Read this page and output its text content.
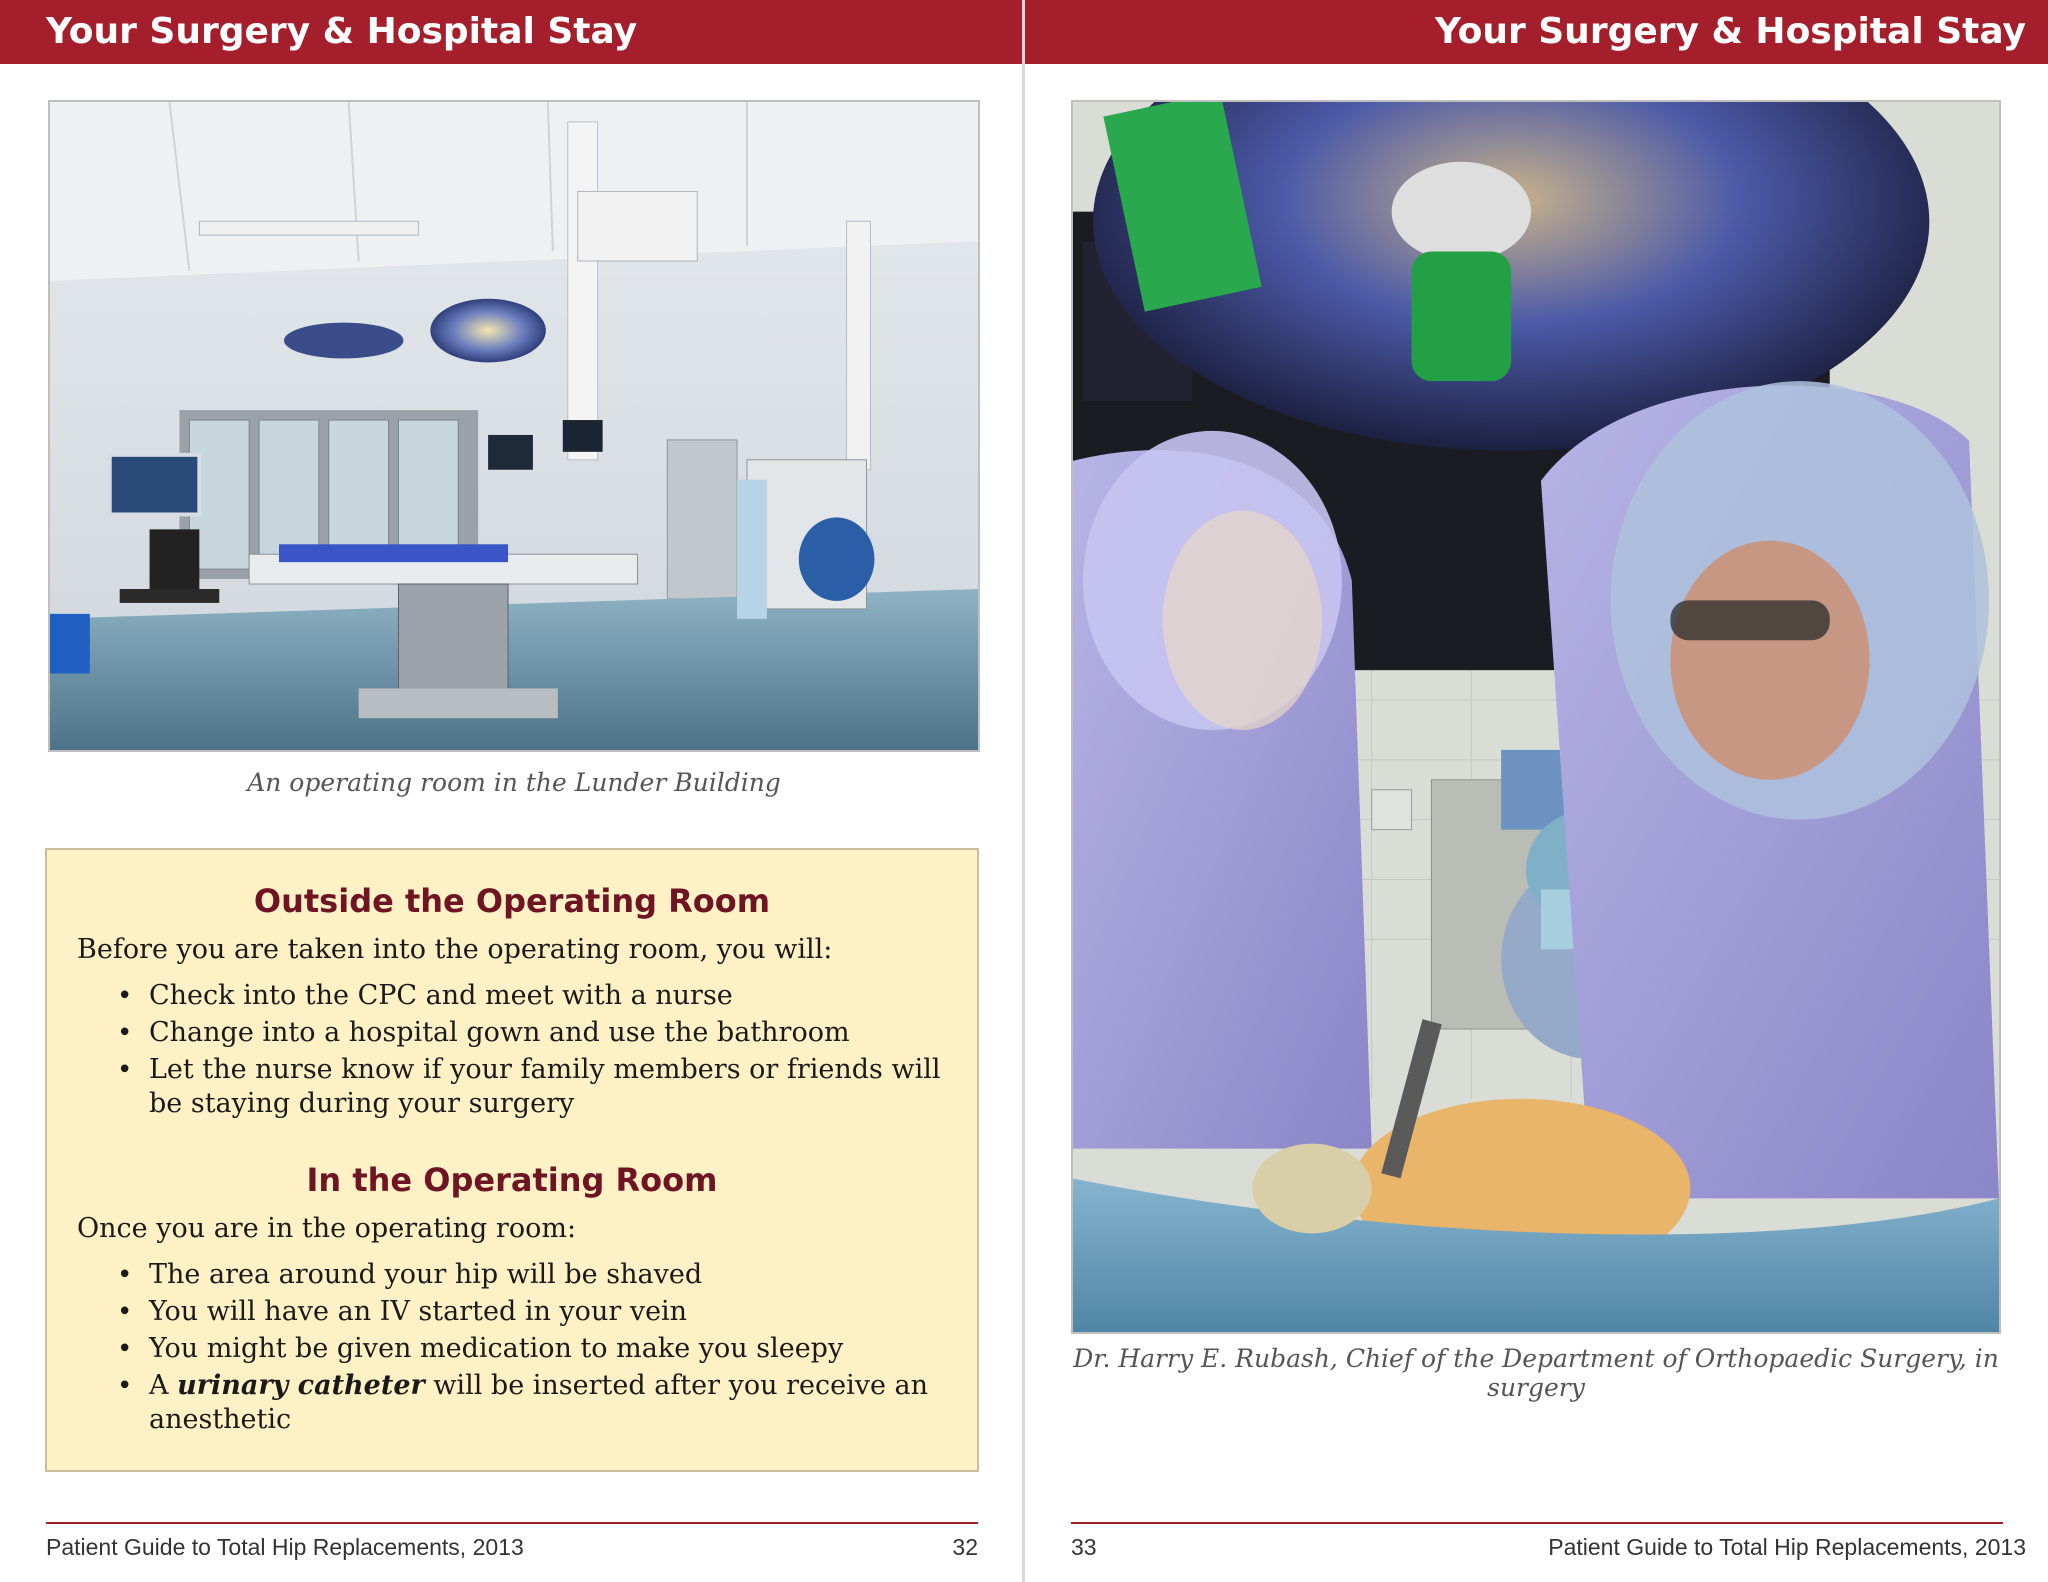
Your Surgery & Hospital Stay
An operating room in the Lunder Building
Outside the Operating Room
Before you are taken into the operating room, you will:
• Check into the CPC and meet with a nurse
• Change into a hospital gown and use the bathroom
• Let the nurse know if your family members or friends will be staying during your surgery
In the Operating Room
Once you are in the operating room:
• The area around your hip will be shaved
• You will have an IV started in your vein
• You might be given medication to make you sleepy
• A urinary catheter will be inserted after you receive an anesthetic
Patient Guide to Total Hip Replacements, 2013	32
Your Surgery & Hospital Stay
Dr. Harry E. Rubash, Chief of the Department of Orthopaedic Surgery, in surgery
33	Patient Guide to Total Hip Replacements, 2013
